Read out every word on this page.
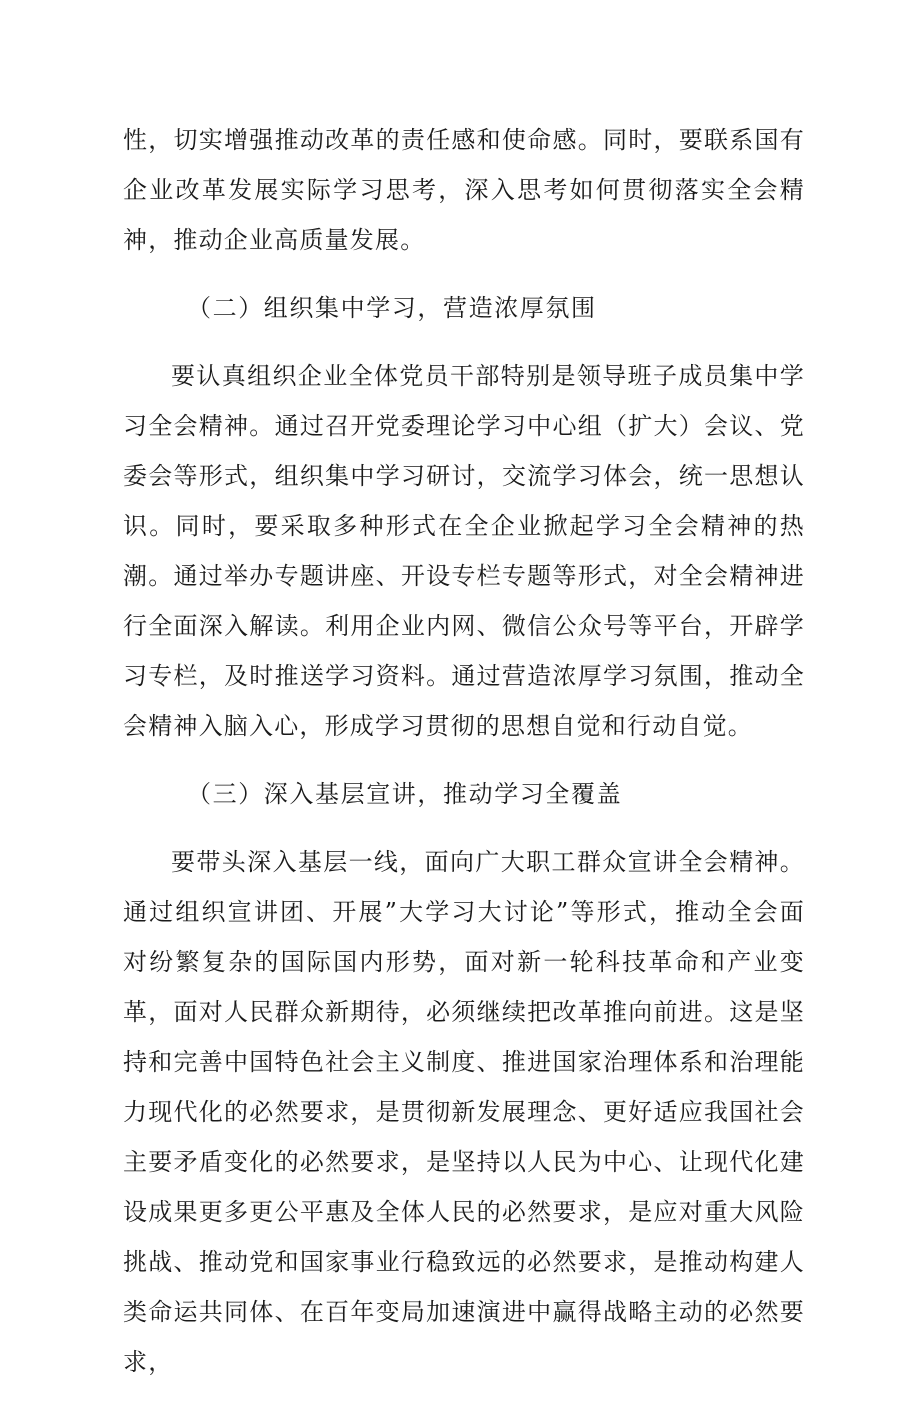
性，切实增强推动改革的责任感和使命感。同时，要联系国有企业改革发展实际学习思考，深入思考如何贯彻落实全会精神，推动企业高质量发展。

（二）组织集中学习，营造浓厚氛围

要认真组织企业全体党员干部特别是领导班子成员集中学习全会精神。通过召开党委理论学习中心组（扩大）会议、党委会等形式，组织集中学习研讨，交流学习体会，统一思想认识。同时，要采取多种形式在全企业掀起学习全会精神的热潮。通过举办专题讲座、开设专栏专题等形式，对全会精神进行全面深入解读。利用企业内网、微信公众号等平台，开辟学习专栏，及时推送学习资料。通过营造浓厚学习氛围，推动全会精神入脑入心，形成学习贯彻的思想自觉和行动自觉。

（三）深入基层宣讲，推动学习全覆盖

要带头深入基层一线，面向广大职工群众宣讲全会精神。通过组织宣讲团、开展”大学习大讨论”等形式，推动全会面对纷繁复杂的国际国内形势，面对新一轮科技革命和产业变革，面对人民群众新期待，必须继续把改革推向前进。这是坚持和完善中国特色社会主义制度、推进国家治理体系和治理能力现代化的必然要求，是贯彻新发展理念、更好适应我国社会主要矛盾变化的必然要求，是坚持以人民为中心、让现代化建设成果更多更公平惠及全体人民的必然要求，是应对重大风险挑战、推动党和国家事业行稳致远的必然要求，是推动构建人类命运共同体、在百年变局加速演进中赢得战略主动的必然要求，
